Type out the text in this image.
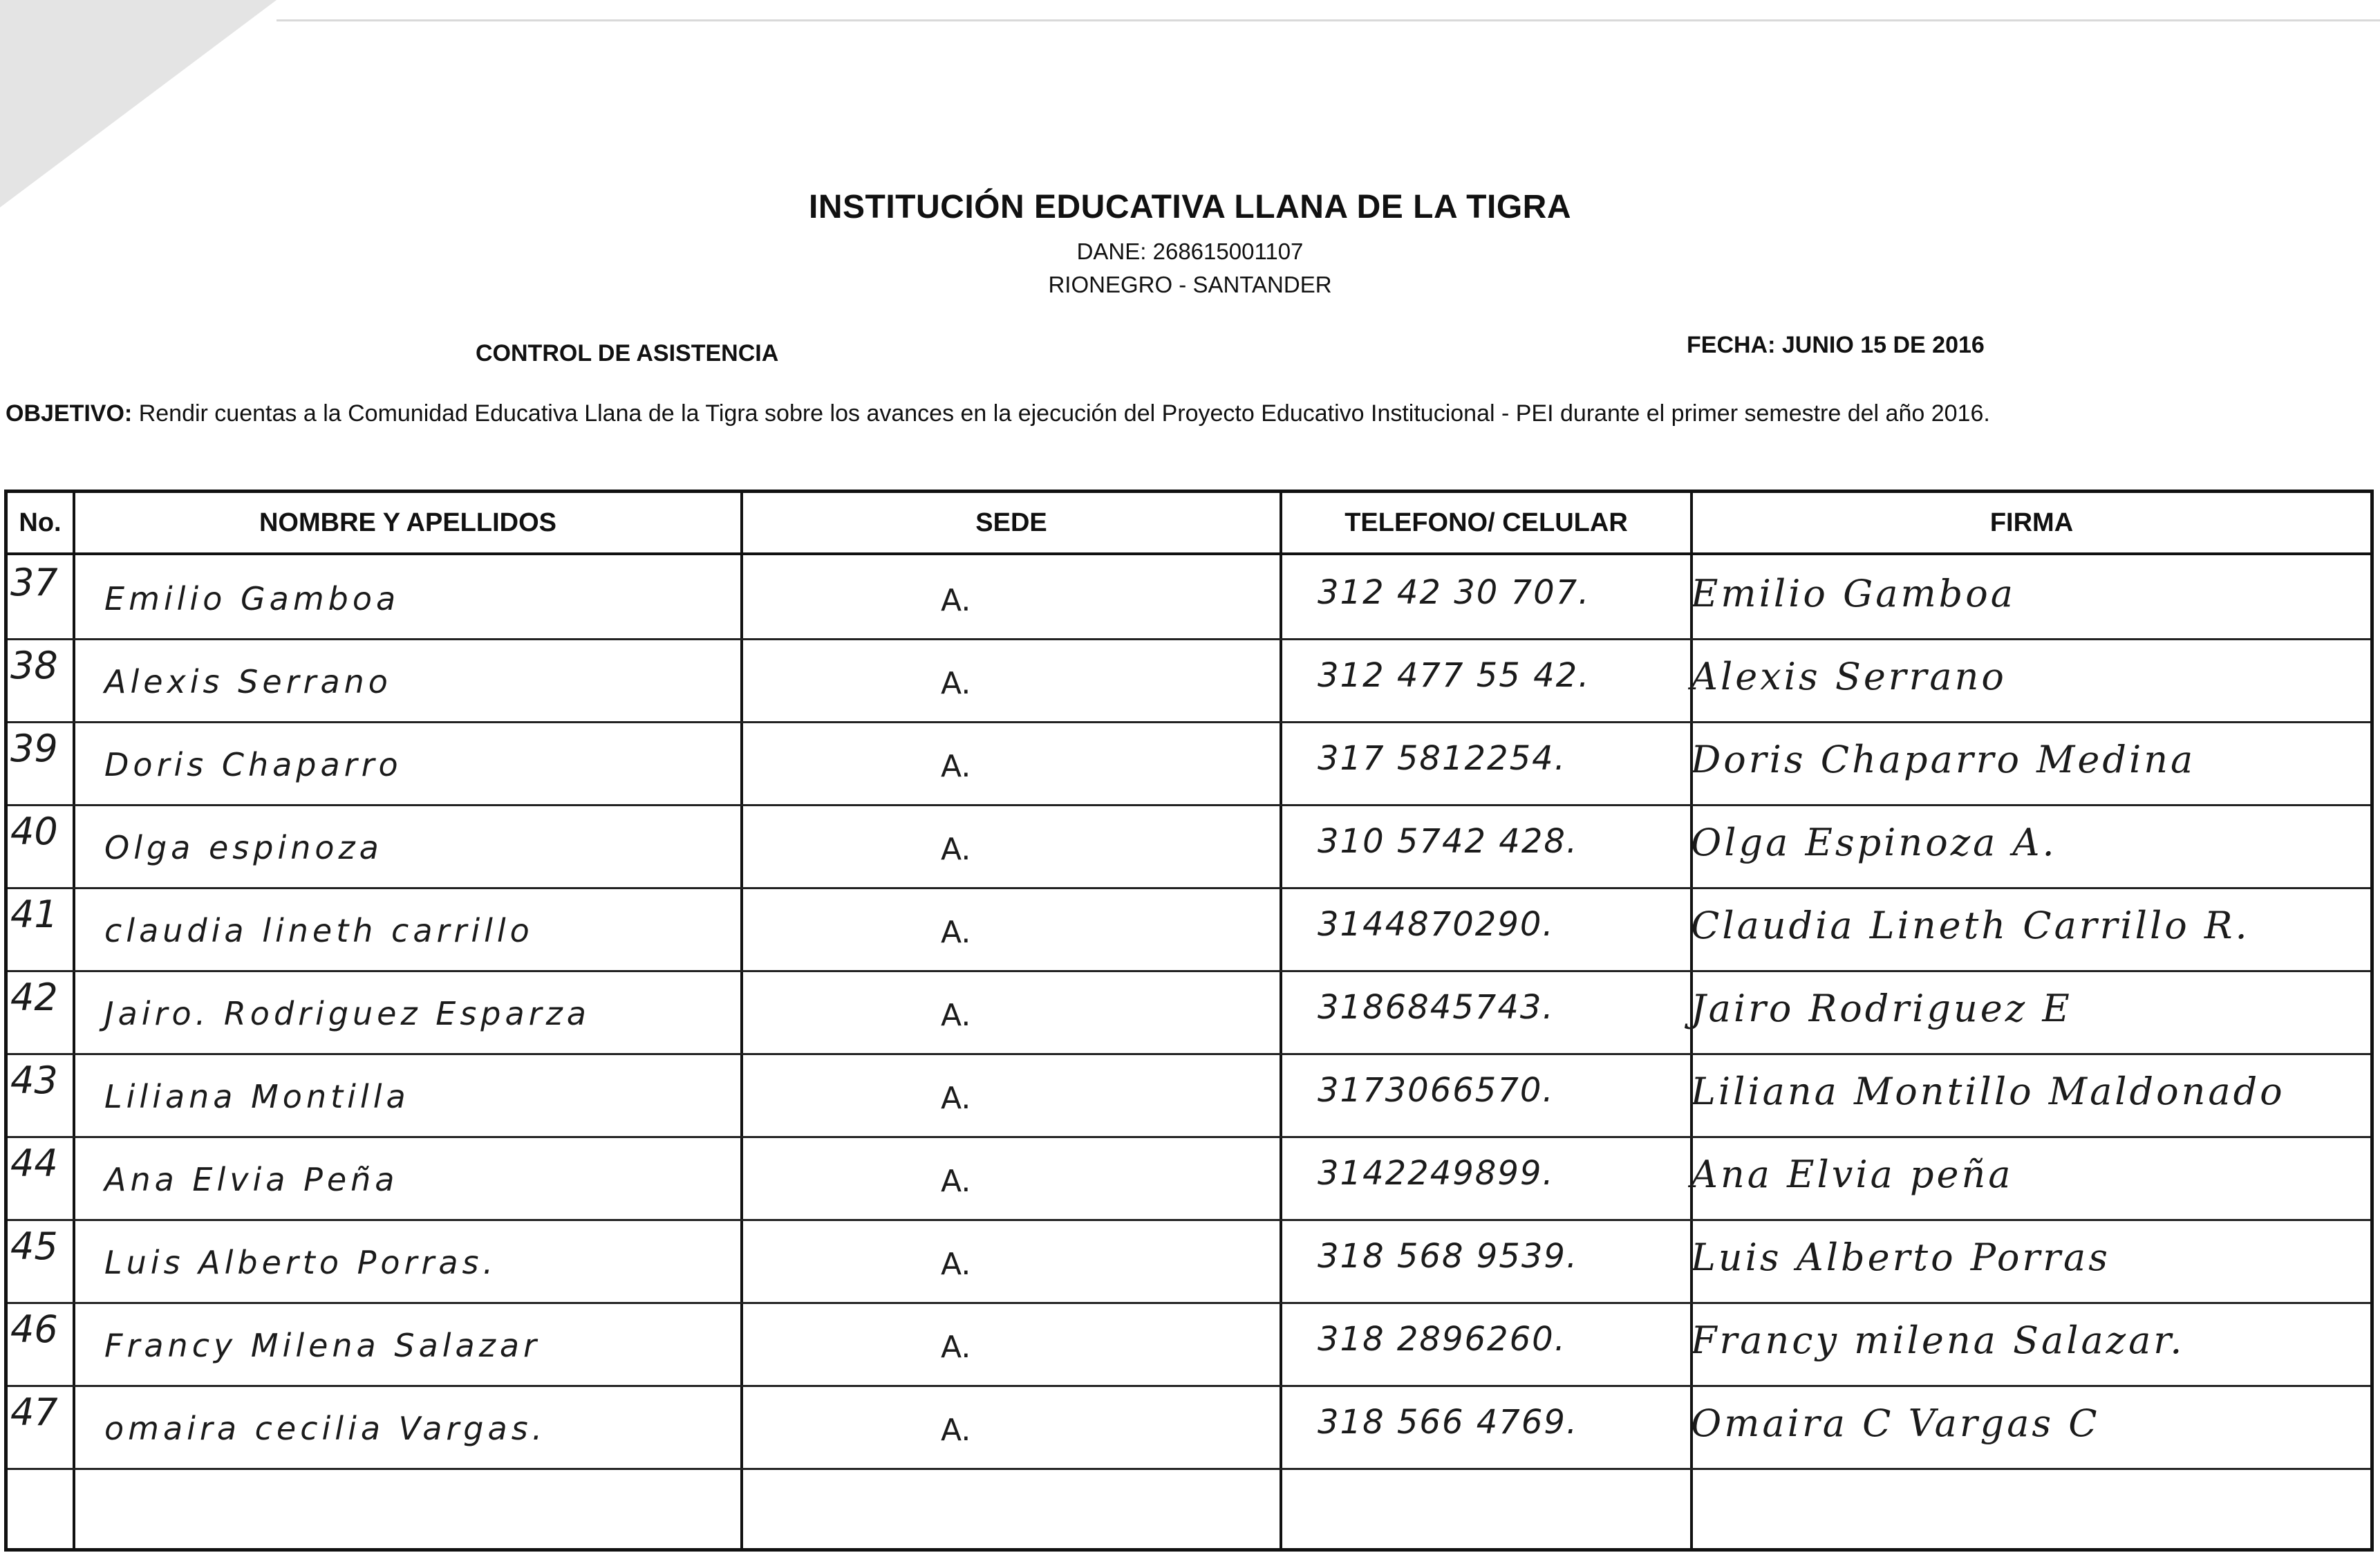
INSTITUCIÓN EDUCATIVA LLANA DE LA TIGRA
DANE: 268615001107
RIONEGRO - SANTANDER
CONTROL DE ASISTENCIA	FECHA: JUNIO 15 DE 2016
OBJETIVO: Rendir cuentas a la Comunidad Educativa Llana de la Tigra sobre los avances en la ejecución del Proyecto Educativo Institucional - PEI durante el primer semestre del año 2016.
No.	NOMBRE Y APELLIDOS	SEDE	TELEFONO/ CELULAR	FIRMA
37 Emilio Gamboa	A.	312 42 30 707.	Emilio Gamboa
38 Alexis Serrano	A.	312 477 55 42.	Alexis Serrano
39 Doris Chaparro	A.	317 5812254.	Doris Chaparro Medina
40 Olga espinoza	A.	310 5742 428.	Olga Espinoza A.
41 claudia lineth carrillo	A.	3144870290.	Claudia Lineth Carrillo R.
42 Jairo. Rodriguez Esparza	A.	3186845743.	Jairo Rodriguez E
43 Liliana Montilla	A.	3173066570.	Liliana Montillo Maldonado
44 Ana Elvia Peña	A.	3142249899.	Ana Elvia peña
45 Luis Alberto Porras.	A.	318 568 9539.	Luis Alberto Porras
46 Francy Milena Salazar	A.	318 2896260.	Francy milena Salazar.
47 omaira cecilia Vargas.	A.	318 566 4769.	Omaira C Vargas C
